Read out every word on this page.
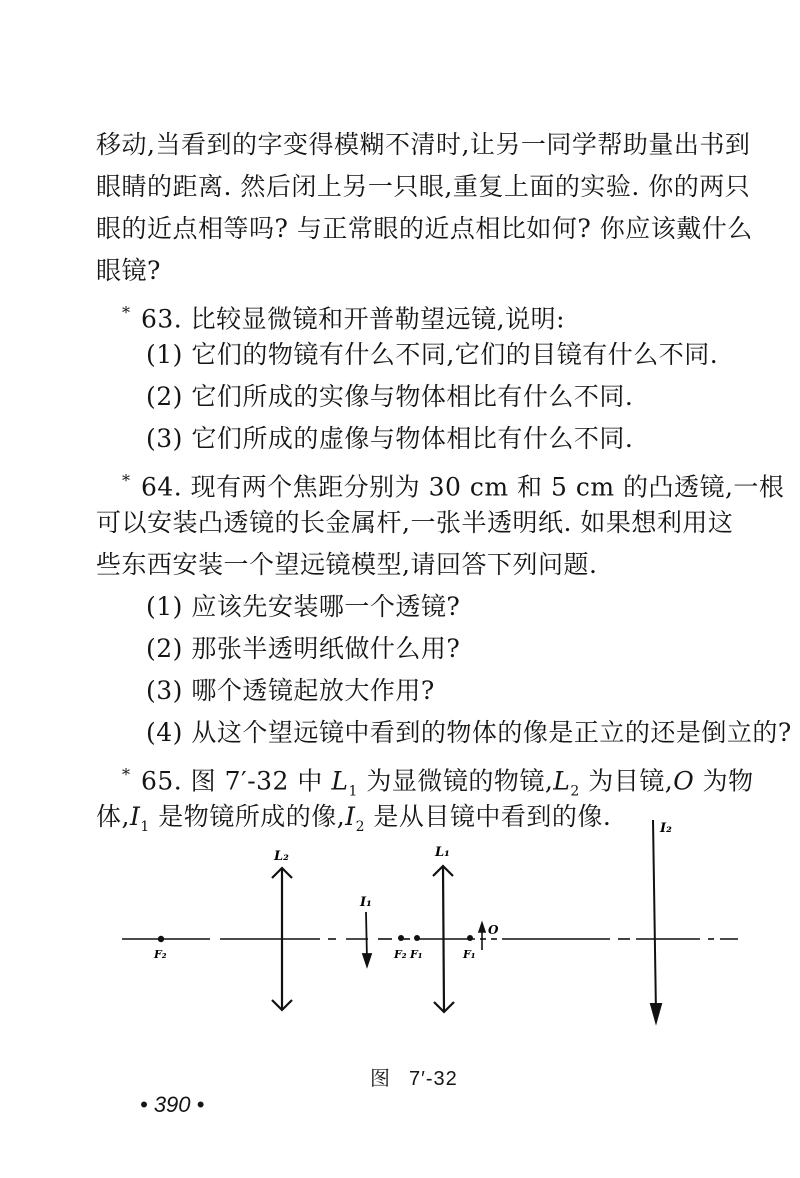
移动,当看到的字变得模糊不清时,让另一同学帮助量出书到
眼睛的距离. 然后闭上另一只眼,重复上面的实验. 你的两只
眼的近点相等吗? 与正常眼的近点相比如何? 你应该戴什么
眼镜?
* 63. 比较显微镜和开普勒望远镜,说明:
(1) 它们的物镜有什么不同,它们的目镜有什么不同.
(2) 它们所成的实像与物体相比有什么不同.
(3) 它们所成的虚像与物体相比有什么不同.
* 64. 现有两个焦距分别为 30 cm 和 5 cm 的凸透镜,一根
可以安装凸透镜的长金属杆,一张半透明纸. 如果想利用这
些东西安装一个望远镜模型,请回答下列问题.
(1) 应该先安装哪一个透镜?
(2) 那张半透明纸做什么用?
(3) 哪个透镜起放大作用?
(4) 从这个望远镜中看到的物体的像是正立的还是倒立的?
* 65. 图 7′-32 中 $L_1$ 为显微镜的物镜$,L_2$ 为目镜,O 为物
体$,I_1$ 是物镜所成的像$,I_2$ 是从目镜中看到的像.
L₂	L₁
I₁
I₂
O
F₂	F₂ F₁	F₁
图 7′-32
• 390 •
